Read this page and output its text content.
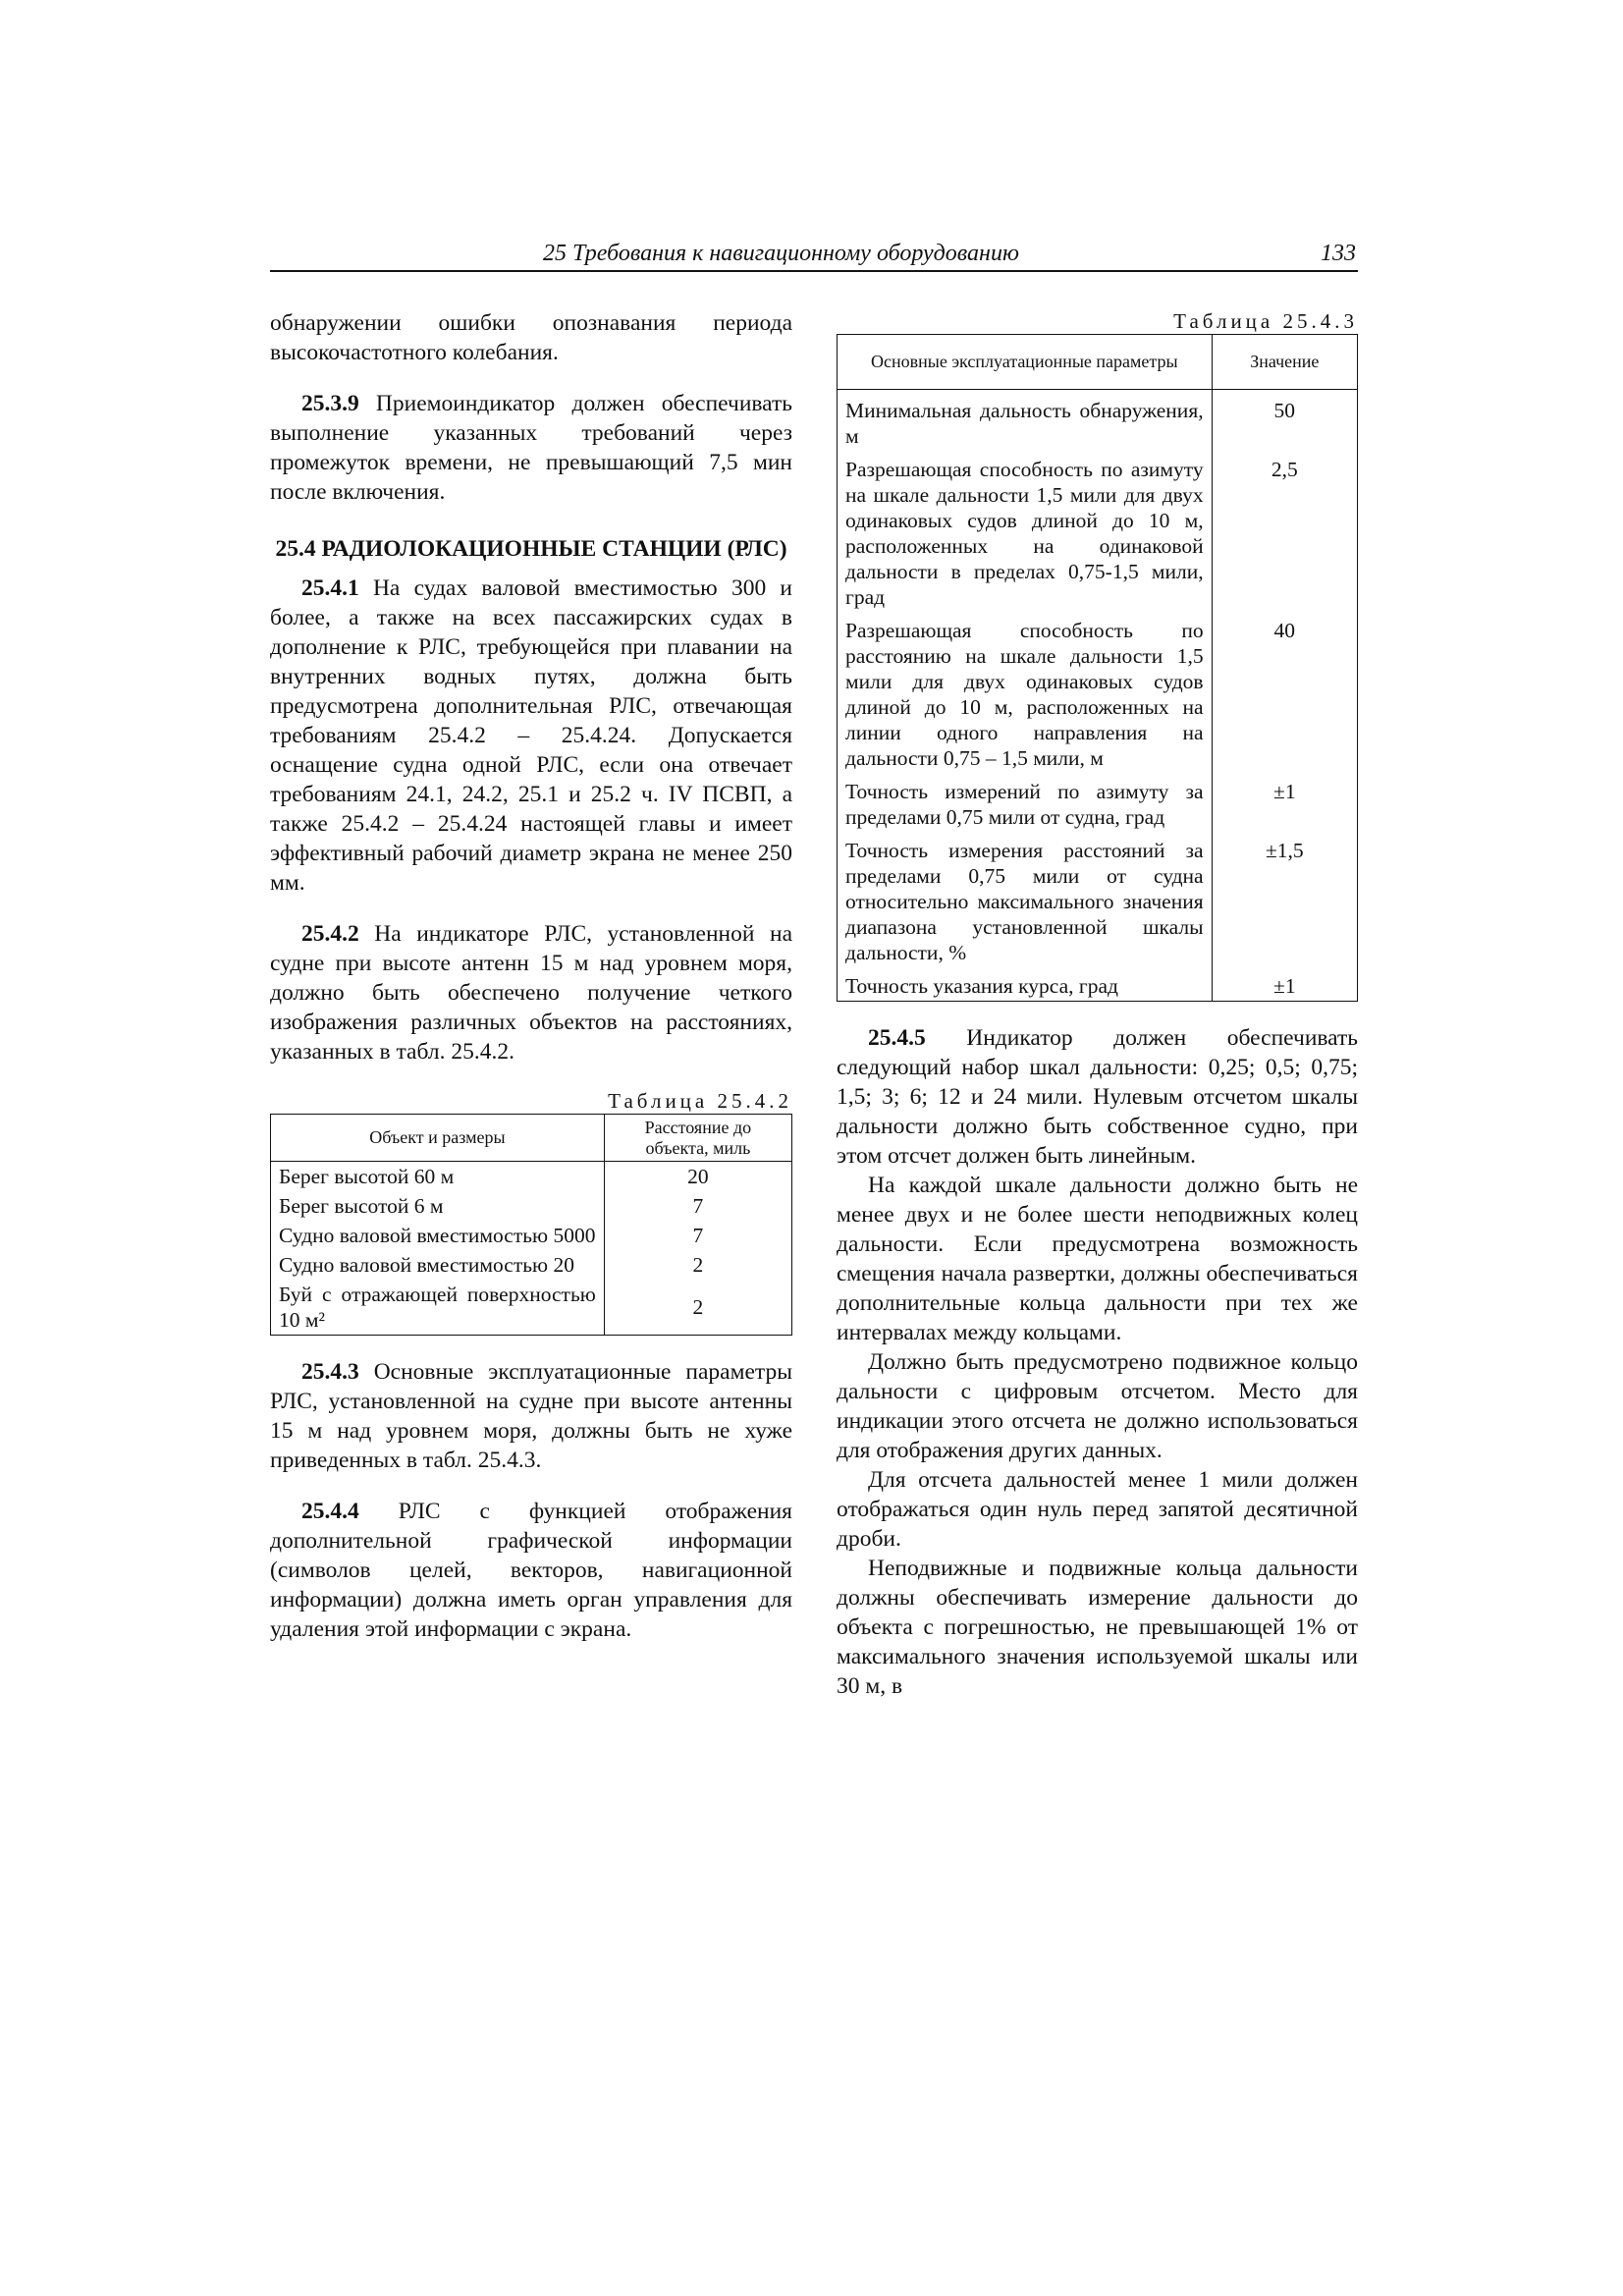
25 Требования к навигационному оборудованию	133

обнаружении ошибки опознавания периода высокочастотного колебания.

25.3.9 Приемоиндикатор должен обеспечивать выполнение указанных требований через промежуток времени, не превышающий 7,5 мин после включения.

25.4 РАДИОЛОКАЦИОННЫЕ СТАНЦИИ (РЛС)

25.4.1 На судах валовой вместимостью 300 и более, а также на всех пассажирских судах в дополнение к РЛС, требующейся при плавании на внутренних водных путях, должна быть предусмотрена дополнительная РЛС, отвечающая требованиям 25.4.2 – 25.4.24. Допускается оснащение судна одной РЛС, если она отвечает требованиям 24.1, 24.2, 25.1 и 25.2 ч. IV ПСВП, а также 25.4.2 – 25.4.24 настоящей главы и имеет эффективный рабочий диаметр экрана не менее 250 мм.

25.4.2 На индикаторе РЛС, установленной на судне при высоте антенн 15 м над уровнем моря, должно быть обеспечено получение четкого изображения различных объектов на расстояниях, указанных в табл. 25.4.2.

Таблица 25.4.2
Объект и размеры	Расстояние до объекта, миль
Берег высотой 60 м	20
Берег высотой 6 м	7
Судно валовой вместимостью 5000	7
Судно валовой вместимостью 20	2
Буй с отражающей поверхностью 10 м²	2

25.4.3 Основные эксплуатационные параметры РЛС, установленной на судне при высоте антенны 15 м над уровнем моря, должны быть не хуже приведенных в табл. 25.4.3.

25.4.4 РЛС с функцией отображения дополнительной графической информации (символов целей, векторов, навигационной информации) должна иметь орган управления для удаления этой информации с экрана.

Таблица 25.4.3
Основные эксплуатационные параметры	Значение
Минимальная дальность обнаружения, м	50
Разрешающая способность по азимуту на шкале дальности 1,5 мили для двух одинаковых судов длиной до 10 м, расположенных на одинаковой дальности в пределах 0,75-1,5 мили, град	2,5
Разрешающая способность по расстоянию на шкале дальности 1,5 мили для двух одинаковых судов длиной до 10 м, расположенных на линии одного направления на дальности 0,75 – 1,5 мили, м	40
Точность измерений по азимуту за пределами 0,75 мили от судна, град	±1
Точность измерения расстояний за пределами 0,75 мили от судна относительно максимального значения диапазона установленной шкалы дальности, %	±1,5
Точность указания курса, град	±1

25.4.5 Индикатор должен обеспечивать следующий набор шкал дальности: 0,25; 0,5; 0,75; 1,5; 3; 6; 12 и 24 мили. Нулевым отсчетом шкалы дальности должно быть собственное судно, при этом отсчет должен быть линейным.

На каждой шкале дальности должно быть не менее двух и не более шести неподвижных колец дальности. Если предусмотрена возможность смещения начала развертки, должны обеспечиваться дополнительные кольца дальности при тех же интервалах между кольцами.

Должно быть предусмотрено подвижное кольцо дальности с цифровым отсчетом. Место для индикации этого отсчета не должно использоваться для отображения других данных.

Для отсчета дальностей менее 1 мили должен отображаться один нуль перед запятой десятичной дроби.

Неподвижные и подвижные кольца дальности должны обеспечивать измерение дальности до объекта с погрешностью, не превышающей 1% от максимального значения используемой шкалы или 30 м, в
